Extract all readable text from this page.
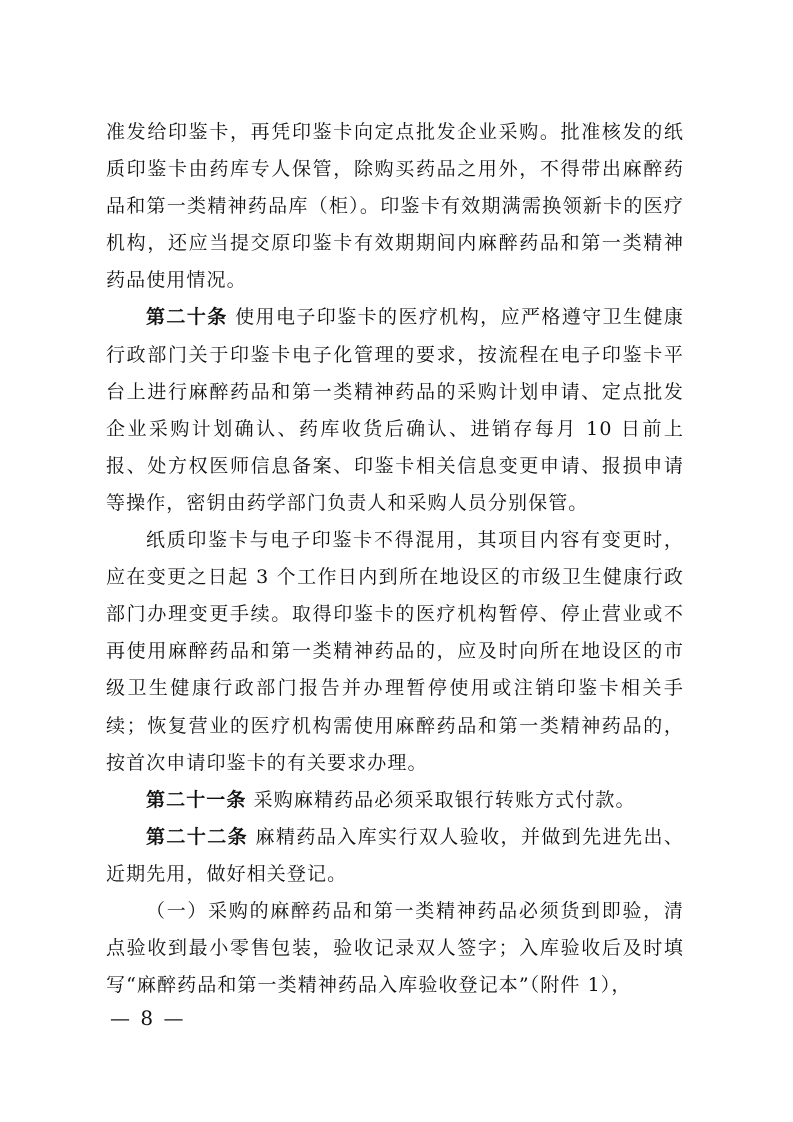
准发给印鉴卡，再凭印鉴卡向定点批发企业采购。批准核发的纸质印鉴卡由药库专人保管，除购买药品之用外，不得带出麻醉药品和第一类精神药品库（柜）。印鉴卡有效期满需换领新卡的医疗机构，还应当提交原印鉴卡有效期期间内麻醉药品和第一类精神药品使用情况。

第二十条 使用电子印鉴卡的医疗机构，应严格遵守卫生健康行政部门关于印鉴卡电子化管理的要求，按流程在电子印鉴卡平台上进行麻醉药品和第一类精神药品的采购计划申请、定点批发企业采购计划确认、药库收货后确认、进销存每月 10 日前上报、处方权医师信息备案、印鉴卡相关信息变更申请、报损申请等操作，密钥由药学部门负责人和采购人员分别保管。

纸质印鉴卡与电子印鉴卡不得混用，其项目内容有变更时，应在变更之日起 3 个工作日内到所在地设区的市级卫生健康行政部门办理变更手续。取得印鉴卡的医疗机构暂停、停止营业或不再使用麻醉药品和第一类精神药品的，应及时向所在地设区的市级卫生健康行政部门报告并办理暂停使用或注销印鉴卡相关手续；恢复营业的医疗机构需使用麻醉药品和第一类精神药品的，按首次申请印鉴卡的有关要求办理。

第二十一条 采购麻精药品必须采取银行转账方式付款。

第二十二条 麻精药品入库实行双人验收，并做到先进先出、近期先用，做好相关登记。

（一）采购的麻醉药品和第一类精神药品必须货到即验，清点验收到最小零售包装，验收记录双人签字；入库验收后及时填写“麻醉药品和第一类精神药品入库验收登记本”（附件 1），

— 8 —
